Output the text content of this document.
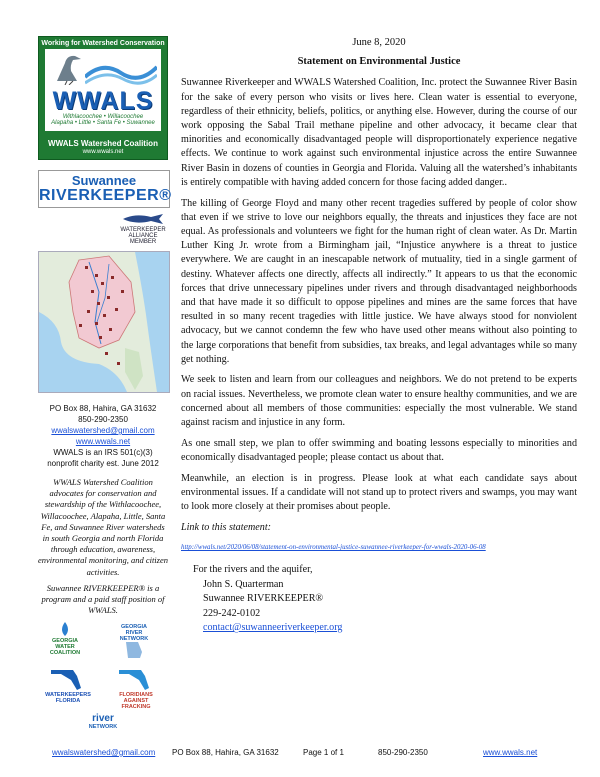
Working for Watershed Conservation
WWALS
Withlacoochee • Willacoochee
Alapaha • Little • Santa Fe • Suwannee
WWALS Watershed Coalition
www.wwals.net
Suwannee
RIVERKEEPER®
WATERKEEPER ALLIANCE MEMBER
PO Box 88, Hahira, GA 31632
850-290-2350
wwalswatershed@gmail.com
www.wwals.net
WWALS is an IRS 501(c)(3)
nonprofit charity est. June 2012
WWALS Watershed Coalition advocates for conservation and stewardship of the Withlacoochee, Willacoochee, Alapaha, Little, Santa Fe, and Suwannee River watersheds in south Georgia and north Florida through education, awareness, environmental monitoring, and citizen activities.
Suwannee RIVERKEEPER® is a program and a paid staff position of WWALS.
GEORGIA
WATER
COALITION
GEORGIA
RIVER
NETWORK
WATERKEEPERS
FLORIDA
FLORIDIANS
AGAINST
FRACKING
river
NETWORK
June 8, 2020
Statement on Environmental Justice

Suwannee Riverkeeper and WWALS Watershed Coalition, Inc. protect the Suwannee River Basin for the sake of every person who visits or lives here. Clean water is essential to everyone, regardless of their ethnicity, beliefs, politics, or anything else. However, during the course of our work opposing the Sabal Trail methane pipeline and other advocacy, it became clear that minorities and economically disadvantaged people will disproportionately experience negative effects. We continue to work against such environmental injustice across the entire Suwannee River Basin in dozens of counties in Georgia and Florida. Valuing all the watershed’s inhabitants is entirely compatible with having added concern for those facing added danger..

The killing of George Floyd and many other recent tragedies suffered by people of color show that even if we strive to love our neighbors equally, the threats and injustices they face are not equal. As professionals and volunteers we fight for the human right of clean water. As Dr. Martin Luther King Jr. wrote from a Birmingham jail, “Injustice anywhere is a threat to justice everywhere. We are caught in an inescapable network of mutuality, tied in a single garment of destiny. Whatever affects one directly, affects all indirectly.” It appears to us that the economic forces that drive unnecessary pipelines under rivers and through disadvantaged neighborhoods and that have made it so difficult to oppose pipelines and mines are the same forces that have resulted in so many recent tragedies with little justice. We have always stood for nonviolent advocacy, but we cannot condemn the few who have used other means without also pointing to the large corporations that benefit from subsidies, tax breaks, and legal advantages while so many get nothing.

We seek to listen and learn from our colleagues and neighbors. We do not pretend to be experts on racial issues. Nevertheless, we promote clean water to ensure healthy communities, and we are concerned about all members of those communities: especially the most vulnerable. We stand against racism and injustice in any form.

As one small step, we plan to offer swimming and boating lessons especially to minorities and economically disadvantaged people; please contact us about that.

Meanwhile, an election is in progress. Please look at what each candidate says about environmental issues. If a candidate will not stand up to protect rivers and swamps, you may want to look more closely at their promises about people.

Link to this statement:
http://wwals.net/2020/06/08/statement-on-environmental-justice-suwannee-riverkeeper-for-wwals-2020-06-08
For the rivers and the aquifer,
John S. Quarterman
Suwannee RIVERKEEPER®
229-242-0102
contact@suwanneeriverkeeper.org
wwalswatershed@gmail.com PO Box 88, Hahira, GA 31632	Page 1 of 1	850-290-2350	www.wwals.net
